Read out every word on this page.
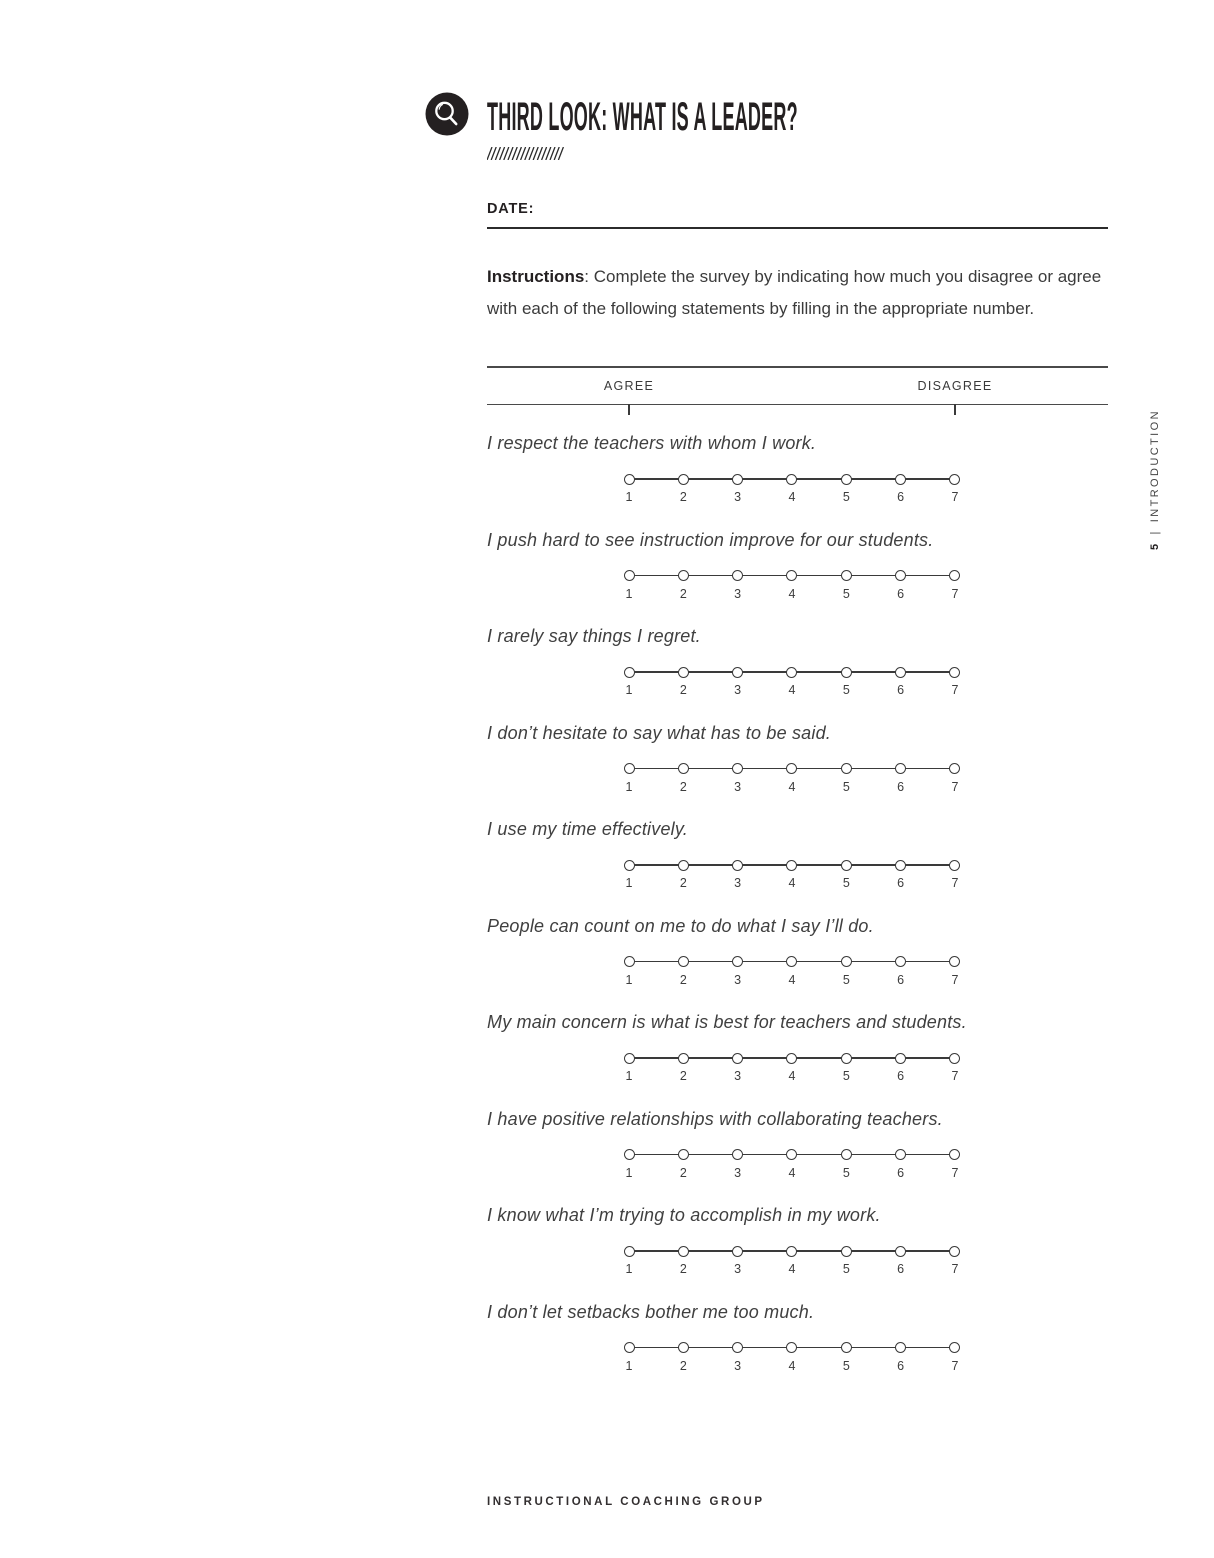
THIRD LOOK: WHAT IS A LEADER?
DATE:
Instructions: Complete the survey by indicating how much you disagree or agree with each of the following statements by filling in the appropriate number.
AGREE	DISAGREE
I respect the teachers with whom I work.
1	2	3	4	5	6	7
I push hard to see instruction improve for our students.
1	2	3	4	5	6	7
I rarely say things I regret.
1	2	3	4	5	6	7
I don’t hesitate to say what has to be said.
1	2	3	4	5	6	7
I use my time effectively.
1	2	3	4	5	6	7
People can count on me to do what I say I’ll do.
1	2	3	4	5	6	7
My main concern is what is best for teachers and students.
1	2	3	4	5	6	7
I have positive relationships with collaborating teachers.
1	2	3	4	5	6	7
I know what I’m trying to accomplish in my work.
1	2	3	4	5	6	7
I don’t let setbacks bother me too much.
1	2	3	4	5	6	7
5|INTRODUCTION
INSTRUCTIONAL COACHING GROUP
